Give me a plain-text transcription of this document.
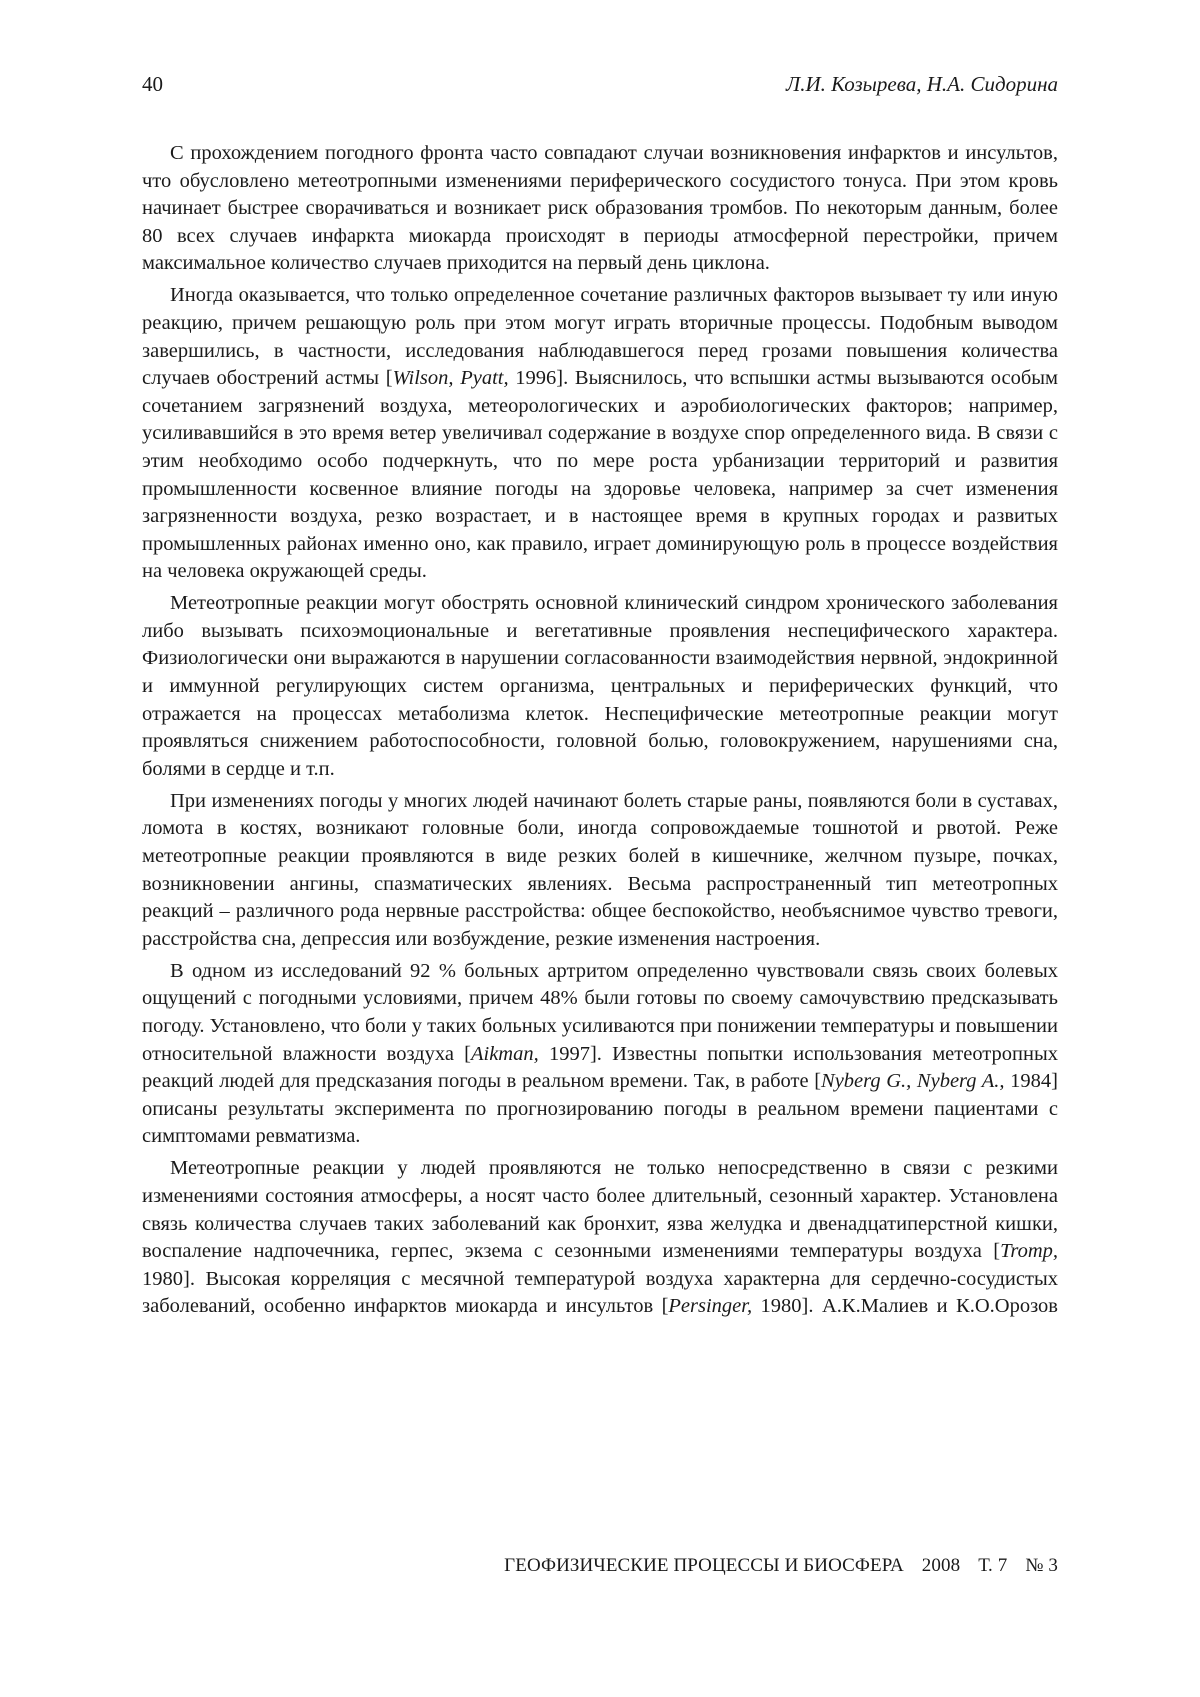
40	Л.И. Козырева, Н.А. Сидорина

С прохождением погодного фронта часто совпадают случаи возникновения инфарктов и инсультов, что обусловлено метеотропными изменениями периферического сосудистого тонуса. При этом кровь начинает быстрее сворачиваться и возникает риск образования тромбов. По некоторым данным, более 80 всех случаев инфаркта миокарда происходят в периоды атмосферной перестройки, причем максимальное количество случаев приходится на первый день циклона.

Иногда оказывается, что только определенное сочетание различных факторов вызывает ту или иную реакцию, причем решающую роль при этом могут играть вторичные процессы. Подобным выводом завершились, в частности, исследования наблюдавшегося перед грозами повышения количества случаев обострений астмы [Wilson, Pyatt, 1996]. Выяснилось, что вспышки астмы вызываются особым сочетанием загрязнений воздуха, метеорологических и аэробиологических факторов; например, усиливавшийся в это время ветер увеличивал содержание в воздухе спор определенного вида. В связи с этим необходимо особо подчеркнуть, что по мере роста урбанизации территорий и развития промышленности косвенное влияние погоды на здоровье человека, например за счет изменения загрязненности воздуха, резко возрастает, и в настоящее время в крупных городах и развитых промышленных районах именно оно, как правило, играет доминирующую роль в процессе воздействия на человека окружающей среды.

Метеотропные реакции могут обострять основной клинический синдром хронического заболевания либо вызывать психоэмоциональные и вегетативные проявления неспецифического характера. Физиологически они выражаются в нарушении согласованности взаимодействия нервной, эндокринной и иммунной регулирующих систем организма, центральных и периферических функций, что отражается на процессах метаболизма клеток. Неспецифические метеотропные реакции могут проявляться снижением работоспособности, головной болью, головокружением, нарушениями сна, болями в сердце и т.п.

При изменениях погоды у многих людей начинают болеть старые раны, появляются боли в суставах, ломота в костях, возникают головные боли, иногда сопровождаемые тошнотой и рвотой. Реже метеотропные реакции проявляются в виде резких болей в кишечнике, желчном пузыре, почках, возникновении ангины, спазматических явлениях. Весьма распространенный тип метеотропных реакций – различного рода нервные расстройства: общее беспокойство, необъяснимое чувство тревоги, расстройства сна, депрессия или возбуждение, резкие изменения настроения.

В одном из исследований 92 % больных артритом определенно чувствовали связь своих болевых ощущений с погодными условиями, причем 48% были готовы по своему самочувствию предсказывать погоду. Установлено, что боли у таких больных усиливаются при понижении температуры и повышении относительной влажности воздуха [Aikman, 1997]. Известны попытки использования метеотропных реакций людей для предсказания погоды в реальном времени. Так, в работе [Nyberg G., Nyberg A., 1984] описаны результаты эксперимента по прогнозированию погоды в реальном времени пациентами с симптомами ревматизма.

Метеотропные реакции у людей проявляются не только непосредственно в связи с резкими изменениями состояния атмосферы, а носят часто более длительный, сезонный характер. Установлена связь количества случаев таких заболеваний как бронхит, язва желудка и двенадцатиперстной кишки, воспаление надпочечника, герпес, экзема с сезонными изменениями температуры воздуха [Tromp, 1980]. Высокая корреляция с месячной температурой воздуха характерна для сердечно-сосудистых заболеваний, особенно инфарктов миокарда и инсультов [Persinger, 1980]. А.К.Малиев и К.О.Орозов

ГЕОФИЗИЧЕСКИЕ ПРОЦЕССЫ И БИОСФЕРА 2008 Т. 7 № 3
